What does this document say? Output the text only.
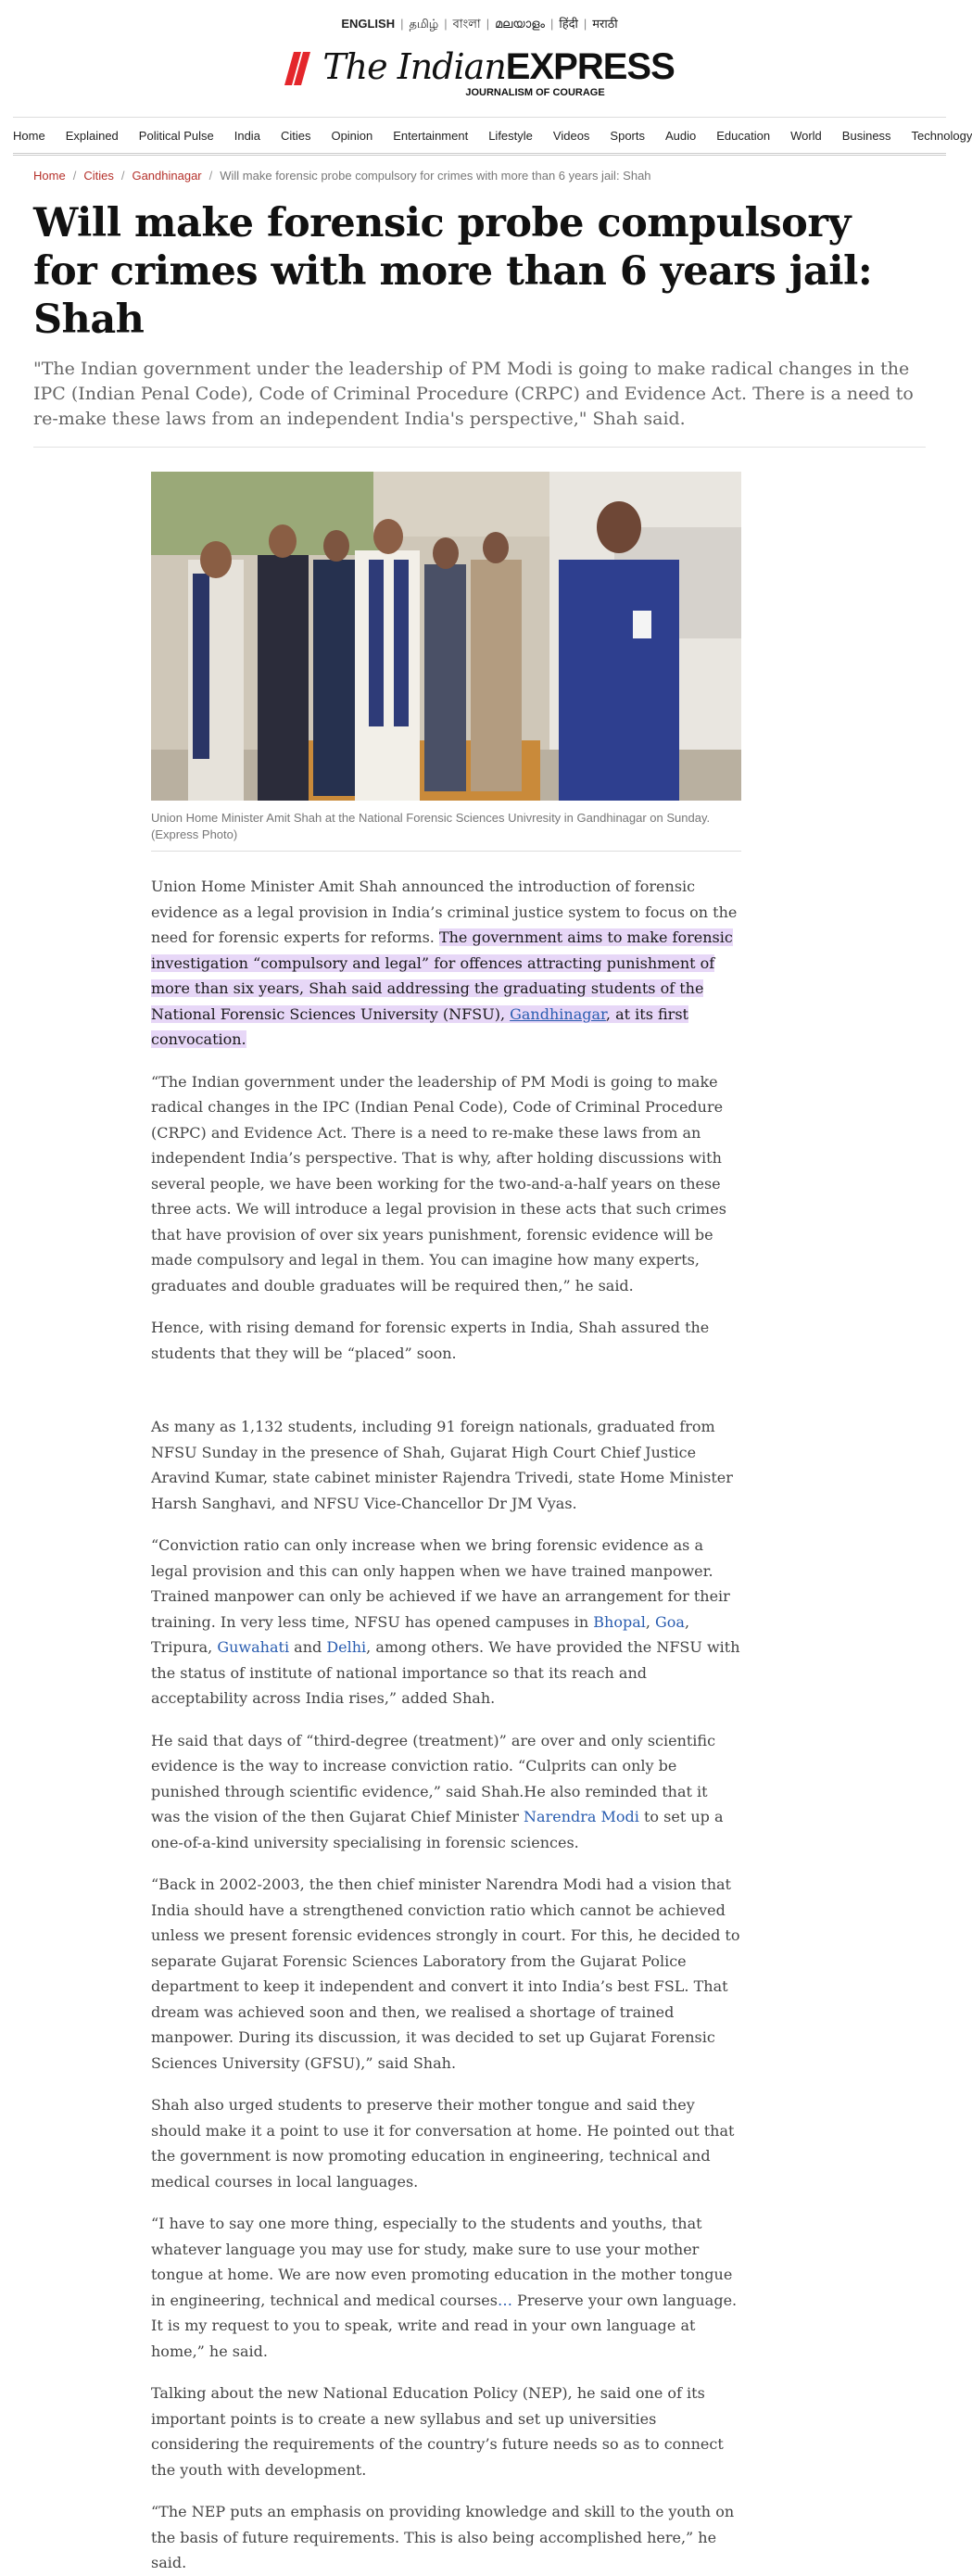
ENGLISH | தமிழ் | বাংলা | മലയാളം | हिंदी | मराठी
The IndianEXPRESS
JOURNALISM OF COURAGE
Home Explained Political Pulse India Cities Opinion Entertainment Lifestyle Videos Sports Audio Education World Business Technology
Home / Cities / Gandhinagar / Will make forensic probe compulsory for crimes with more than 6 years jail: Shah
Will make forensic probe compulsory for crimes with more than 6 years jail: Shah
"The Indian government under the leadership of PM Modi is going to make radical changes in the IPC (Indian Penal Code), Code of Criminal Procedure (CRPC) and Evidence Act. There is a need to re-make these laws from an independent India's perspective," Shah said.
Union Home Minister Amit Shah at the National Forensic Sciences Univresity in Gandhinagar on Sunday. (Express Photo)

Union Home Minister Amit Shah announced the introduction of forensic evidence as a legal provision in India’s criminal justice system to focus on the need for forensic experts for reforms. The government aims to make forensic investigation “compulsory and legal” for offences attracting punishment of more than six years, Shah said addressing the graduating students of the National Forensic Sciences University (NFSU), Gandhinagar, at its first convocation.

“The Indian government under the leadership of PM Modi is going to make radical changes in the IPC (Indian Penal Code), Code of Criminal Procedure (CRPC) and Evidence Act. There is a need to re-make these laws from an independent India’s perspective. That is why, after holding discussions with several people, we have been working for the two-and-a-half years on these three acts. We will introduce a legal provision in these acts that such crimes that have provision of over six years punishment, forensic evidence will be made compulsory and legal in them. You can imagine how many experts, graduates and double graduates will be required then,” he said.

Hence, with rising demand for forensic experts in India, Shah assured the students that they will be “placed” soon.

As many as 1,132 students, including 91 foreign nationals, graduated from NFSU Sunday in the presence of Shah, Gujarat High Court Chief Justice Aravind Kumar, state cabinet minister Rajendra Trivedi, state Home Minister Harsh Sanghavi, and NFSU Vice-Chancellor Dr JM Vyas.

“Conviction ratio can only increase when we bring forensic evidence as a legal provision and this can only happen when we have trained manpower. Trained manpower can only be achieved if we have an arrangement for their training. In very less time, NFSU has opened campuses in Bhopal, Goa, Tripura, Guwahati and Delhi, among others. We have provided the NFSU with the status of institute of national importance so that its reach and acceptability across India rises,” added Shah.

He said that days of “third-degree (treatment)” are over and only scientific evidence is the way to increase conviction ratio. “Culprits can only be punished through scientific evidence,” said Shah.He also reminded that it was the vision of the then Gujarat Chief Minister Narendra Modi to set up a one-of-a-kind university specialising in forensic sciences.

“Back in 2002-2003, the then chief minister Narendra Modi had a vision that India should have a strengthened conviction ratio which cannot be achieved unless we present forensic evidences strongly in court. For this, he decided to separate Gujarat Forensic Sciences Laboratory from the Gujarat Police department to keep it independent and convert it into India’s best FSL. That dream was achieved soon and then, we realised a shortage of trained manpower. During its discussion, it was decided to set up Gujarat Forensic Sciences University (GFSU),” said Shah.

Shah also urged students to preserve their mother tongue and said they should make it a point to use it for conversation at home. He pointed out that the government is now promoting education in engineering, technical and medical courses in local languages.

“I have to say one more thing, especially to the students and youths, that whatever language you may use for study, make sure to use your mother tongue at home. We are now even promoting education in the mother tongue in engineering, technical and medical courses… Preserve your own language. It is my request to you to speak, write and read in your own language at home,” he said.

Talking about the new National Education Policy (NEP), he said one of its important points is to create a new syllabus and set up universities considering the requirements of the country’s future needs so as to connect the youth with development.

“The NEP puts an emphasis on providing knowledge and skill to the youth on the basis of future requirements. This is also being accomplished here,” he said.
